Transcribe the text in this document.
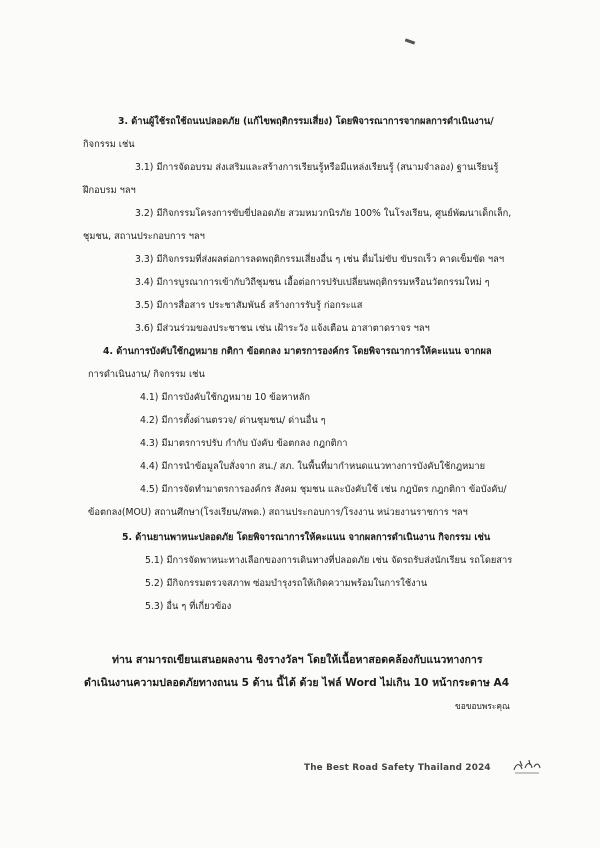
3. ด้านผู้ใช้รถใช้ถนนปลอดภัย (แก้ไขพฤติกรรมเสี่ยง) โดยพิจารณาการจากผลการดำเนินงาน/
กิจกรรม เช่น
3.1) มีการจัดอบรม ส่งเสริมและสร้างการเรียนรู้หรือมีแหล่งเรียนรู้ (สนามจำลอง) ฐานเรียนรู้
ฝึกอบรม ฯลฯ
3.2) มีกิจกรรมโครงการขับขี่ปลอดภัย สวมหมวกนิรภัย 100% ในโรงเรียน, ศูนย์พัฒนาเด็กเล็ก,
ชุมชน, สถานประกอบการ ฯลฯ
3.3) มีกิจกรรมที่ส่งผลต่อการลดพฤติกรรมเสี่ยงอื่น ๆ เช่น ดื่มไม่ขับ ขับรถเร็ว คาดเข็มขัด ฯลฯ
3.4) มีการบูรณาการเข้ากับวิถีชุมชน เอื้อต่อการปรับเปลี่ยนพฤติกรรมหรือนวัตกรรมใหม่ ๆ
3.5) มีการสื่อสาร ประชาสัมพันธ์ สร้างการรับรู้ ก่อกระแส
3.6) มีส่วนร่วมของประชาชน เช่น เฝ้าระวัง แจ้งเตือน อาสาตาดราจร ฯลฯ
4. ด้านการบังคับใช้กฎหมาย กติกา ข้อตกลง มาตรการองค์กร โดยพิจารณาการให้คะแนน จากผล
การดำเนินงาน/ กิจกรรม เช่น
4.1) มีการบังคับใช้กฎหมาย 10 ข้อหาหลัก
4.2) มีการตั้งด่านตรวจ/ ด่านชุมชน/ ด่านอื่น ๆ
4.3) มีมาตรการปรับ กำกับ บังคับ ข้อตกลง กฎกติกา
4.4) มีการนำข้อมูลใบสั่งจาก สน./ สภ. ในพื้นที่มากำหนดแนวทางการบังคับใช้กฎหมาย
4.5) มีการจัดทำมาตรการองค์กร สังคม ชุมชน และบังคับใช้ เช่น กฎบัตร กฎกติกา ข้อบังคับ/
ข้อตกลง(MOU) สถานศึกษา(โรงเรียน/สพด.) สถานประกอบการ/โรงงาน หน่วยงานราชการ ฯลฯ
5. ด้านยานพาหนะปลอดภัย โดยพิจารณาการให้คะแนน จากผลการดำเนินงาน กิจกรรม เช่น
5.1) มีการจัดพาหนะทางเลือกของการเดินทางที่ปลอดภัย เช่น จัดรถรับส่งนักเรียน รถโดยสาร
5.2) มีกิจกรรมตรวจสภาพ ซ่อมบำรุงรถให้เกิดความพร้อมในการใช้งาน
5.3) อื่น ๆ ที่เกี่ยวข้อง
ท่าน สามารถเขียนเสนอผลงาน ชิงรางวัลฯ โดยให้เนื้อหาสอดคล้องกับแนวทางการ
ดำเนินงานความปลอดภัยทางถนน 5 ด้าน นี้ได้ ด้วย ไฟล์ Word ไม่เกิน 10 หน้ากระดาษ A4
ขอขอบพระคุณ
The Best Road Safety Thailand 2024
